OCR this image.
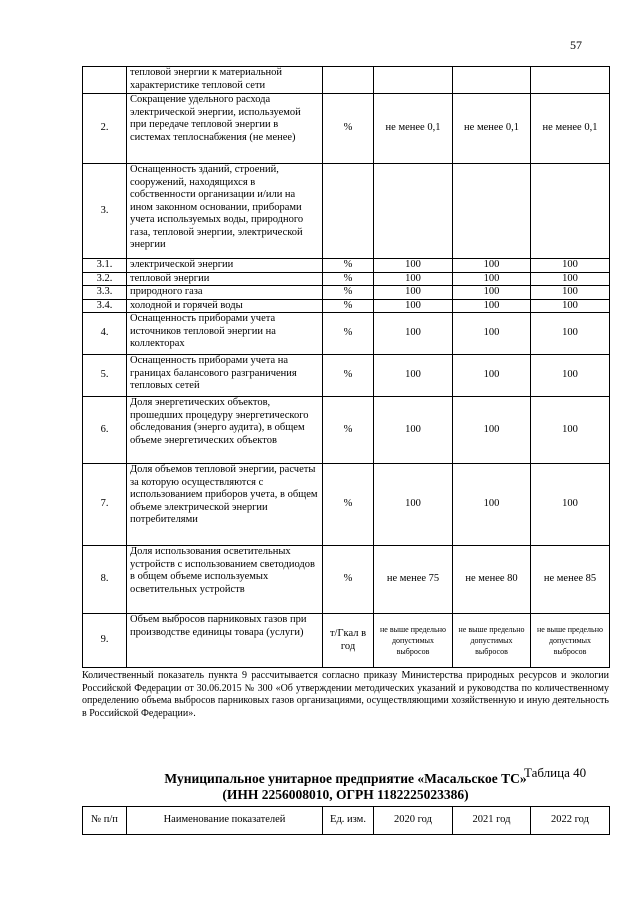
57
	тепловой энергии к материальной характеристике тепловой сети				
2.	Сокращение удельного расхода электрической энергии, используемой при передаче тепловой энергии в системах теплоснабжения (не менее)	%	не менее 0,1	не менее 0,1	не менее 0,1
3.	Оснащенность зданий, строений, сооружений, находящихся в собственности организации и/или на ином законном основании, приборами учета используемых воды, природного газа, тепловой энергии, электрической энергии				
3.1.	электрической энергии	%	100	100	100
3.2.	тепловой энергии	%	100	100	100
3.3.	природного газа	%	100	100	100
3.4.	холодной и горячей воды	%	100	100	100
4.	Оснащенность приборами учета источников тепловой энергии на коллекторах	%	100	100	100
5.	Оснащенность приборами учета на границах балансового разграничения тепловых сетей	%	100	100	100
6.	Доля энергетических объектов, прошедших процедуру энергетического обследования (энерго аудита), в общем объеме энергетических объектов	%	100	100	100
7.	Доля объемов тепловой энергии, расчеты за которую осуществляются с использованием приборов учета, в общем объеме электрической энергии потребителями	%	100	100	100
8.	Доля использования осветительных устройств с использованием светодиодов в общем объеме используемых осветительных устройств	%	не менее 75	не менее 80	не менее 85
9.	Объем выбросов парниковых газов при производстве единицы товара (услуги)	т/Гкал в год	не выше предельно допустимых выбросов	не выше предельно допустимых выбросов	не выше предельно допустимых выбросов
Количественный показатель пункта 9 рассчитывается согласно приказу Министерства природных ресурсов и экологии Российской Федерации от 30.06.2015 № 300 «Об утверждении методических указаний и руководства по количественному определению объема выбросов парниковых газов организациями, осуществляющими хозяйственную и иную деятельность в Российской Федерации».
Таблица 40
Муниципальное унитарное предприятие «Масальское ТС»
(ИНН 2256008010, ОГРН 1182225023386)
№ п/п	Наименование показателей	Ед. изм.	2020 год	2021 год	2022 год
